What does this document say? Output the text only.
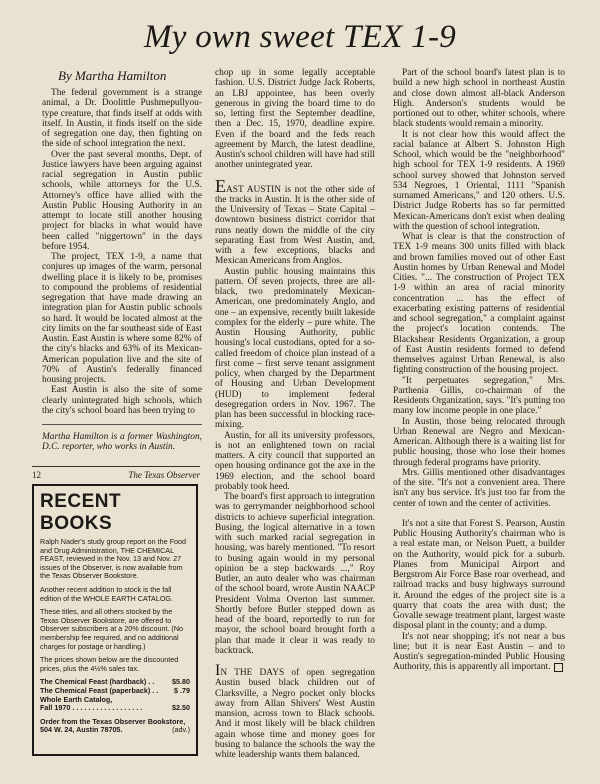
My own sweet TEX 1-9
By Martha Hamilton

The federal government is a strange animal, a Dr. Doolittle Pushmepullyou-type creature, that finds itself at odds with itself. In Austin, it finds itself on the side of segregation one day, then fighting on the side of school integration the next.

Over the past several months, Dept. of Justice lawyers have been arguing against racial segregation in Austin public schools, while attorneys for the U.S. Attorney's office have allied with the Austin Public Housing Authority in an attempt to locate still another housing project for blacks in what would have been called "niggertown" in the days before 1954.

The project, TEX 1-9, a name that conjures up images of the warm, personal dwelling place it is likely to be, promises to compound the problems of residential segregation that have made drawing an integration plan for Austin public schools so hard. It would be located almost at the city limits on the far southeast side of East Austin. East Austin is where some 82% of the city's blacks and 63% of its Mexican-American population live and the site of 70% of Austin's federally financed housing projects.

East Austin is also the site of some clearly unintegrated high schools, which the city's school board has been trying to

Martha Hamilton is a former Washington, D.C. reporter, who works in Austin.

chop up in some legally acceptable fashion. U.S. District Judge Jack Roberts, an LBJ appointee, has been overly generous in giving the board time to do so, letting first the September deadline, then a Dec. 15, 1970, deadline expire. Even if the board and the feds reach agreement by March, the latest deadline, Austin's school children will have had still another unintegrated year.

EAST AUSTIN is not the other side of the tracks in Austin. It is the other side of the University of Texas – State Capital – downtown business district corridor that runs neatly down the middle of the city separating East from West Austin, and, with a few exceptions, blacks and Mexican Americans from Anglos.

Austin public housing maintains this pattern. Of seven projects, three are all-black, two predominately Mexican-American, one predominately Anglo, and one – an expensive, recently built lakeside complex for the elderly – pure white. The Austin Housing Authority, public housing's local custodians, opted for a so-called freedom of choice plan instead of a first come – first serve tenant assignment policy, when charged by the Department of Housing and Urban Development (HUD) to implement federal desegregation orders in Nov. 1967. The plan has been successful in blocking race-mixing.

Austin, for all its university professors, is not an enlightened town on racial matters. A city council that supported an open housing ordinance got the axe in the 1969 election, and the school board probably took heed.

The board's first approach to integration was to gerrymander neighborhood school districts to achieve superficial integration. Busing, the logical alternative in a town with such marked racial segregation in housing, was barely mentioned. "To resort to busing again would in my personal opinion be a step backwards ...," Roy Butler, an auto dealer who was chairman of the school board, wrote Austin NAACP President Volma Overton last summer. Shortly before Butler stepped down as head of the board, reportedly to run for mayor, the school board brought forth a plan that made it clear it was ready to backtrack.

IN THE DAYS of open segregation Austin bused black children out of Clarksville, a Negro pocket only blocks away from Allan Shivers' West Austin mansion, across town to Black schools. And it most likely will be black children again whose time and money goes for busing to balance the schools the way the white leadership wants them balanced.

Part of the school board's latest plan is to build a new high school in northeast Austin and close down almost all-black Anderson High. Anderson's students would be portioned out to other, whiter schools, where black students would remain a minority.

It is not clear how this would affect the racial balance at Albert S. Johnston High School, which would be the "neighborhood" high school for TEX 1-9 residents. A 1969 school survey showed that Johnston served 534 Negroes, 1 Oriental, 1111 "Spanish surnamed Americans," and 120 others. U.S. District Judge Roberts has so far permitted Mexican-Americans don't exist when dealing with the question of school integration.

What is clear is that the construction of TEX 1-9 means 300 units filled with black and brown families moved out of other East Austin homes by Urban Renewal and Model Cities. "... The construction of Project TEX 1-9 within an area of racial minority concentration ... has the effect of exacerbating existing patterns of residential and school segregation," a complaint against the project's location contends. The Blackshear Residents Organization, a group of East Austin residents formed to defend themselves against Urban Renewal, is also fighting construction of the housing project.

"It perpetuates segregation," Mrs. Parthenia Gillis, co-chairman of the Residents Organization, says. "It's putting too many low income people in one place."

In Austin, those being relocated through Urban Renewal are Negro and Mexican-American. Although there is a waiting list for public housing, those who lose their homes through federal programs have priority.

Mrs. Gillis mentioned other disadvantages of the site. "It's not a convenient area. There isn't any bus service. It's just too far from the center of town and the center of activities.

It's not a site that Forest S. Pearson, Austin Public Housing Authority's chairman who is a real estate man, or Nelson Puett, a builder on the Authority, would pick for a suburb. Planes from Municipal Airport and Bergstrom Air Force Base roar overhead, and railroad tracks and busy highways surround it. Around the edges of the project site is a quarry that coats the area with dust; the Govalle sewage treatment plant, largest waste disposal plant in the county; and a dump.

It's not near shopping; it's not near a bus line; but it is near East Austin – and to Austin's segregation-minded Public Housing Authority, this is apparently all important.

12	The Texas Observer
RECENT BOOKS

Ralph Nader's study group report on the Food and Drug Administration, THE CHEMICAL FEAST, reviewed in the Nov. 13 and Nov. 27 issues of the Observer, is now available from the Texas Observer Bookstore.

Another recent addition to stock is the fall edition of the WHOLE EARTH CATALOG.

These titles, and all others stocked by the Texas Observer Bookstore, are offered to Observer subscribers at a 20% discount. (No membership fee required, and no additional charges for postage or handling.)

The prices shown below are the discounted prices, plus the 4½% sales tax.

The Chemical Feast (hardback) . . $5.80
The Chemical Feast (paperback) . . $ .79
Whole Earth Catalog,
Fall 1970 . . . . . . . . . . . . . . . . . .	$2.50
Order from the Texas Observer Bookstore,
504 W. 24, Austin 78705.	(adv.)
